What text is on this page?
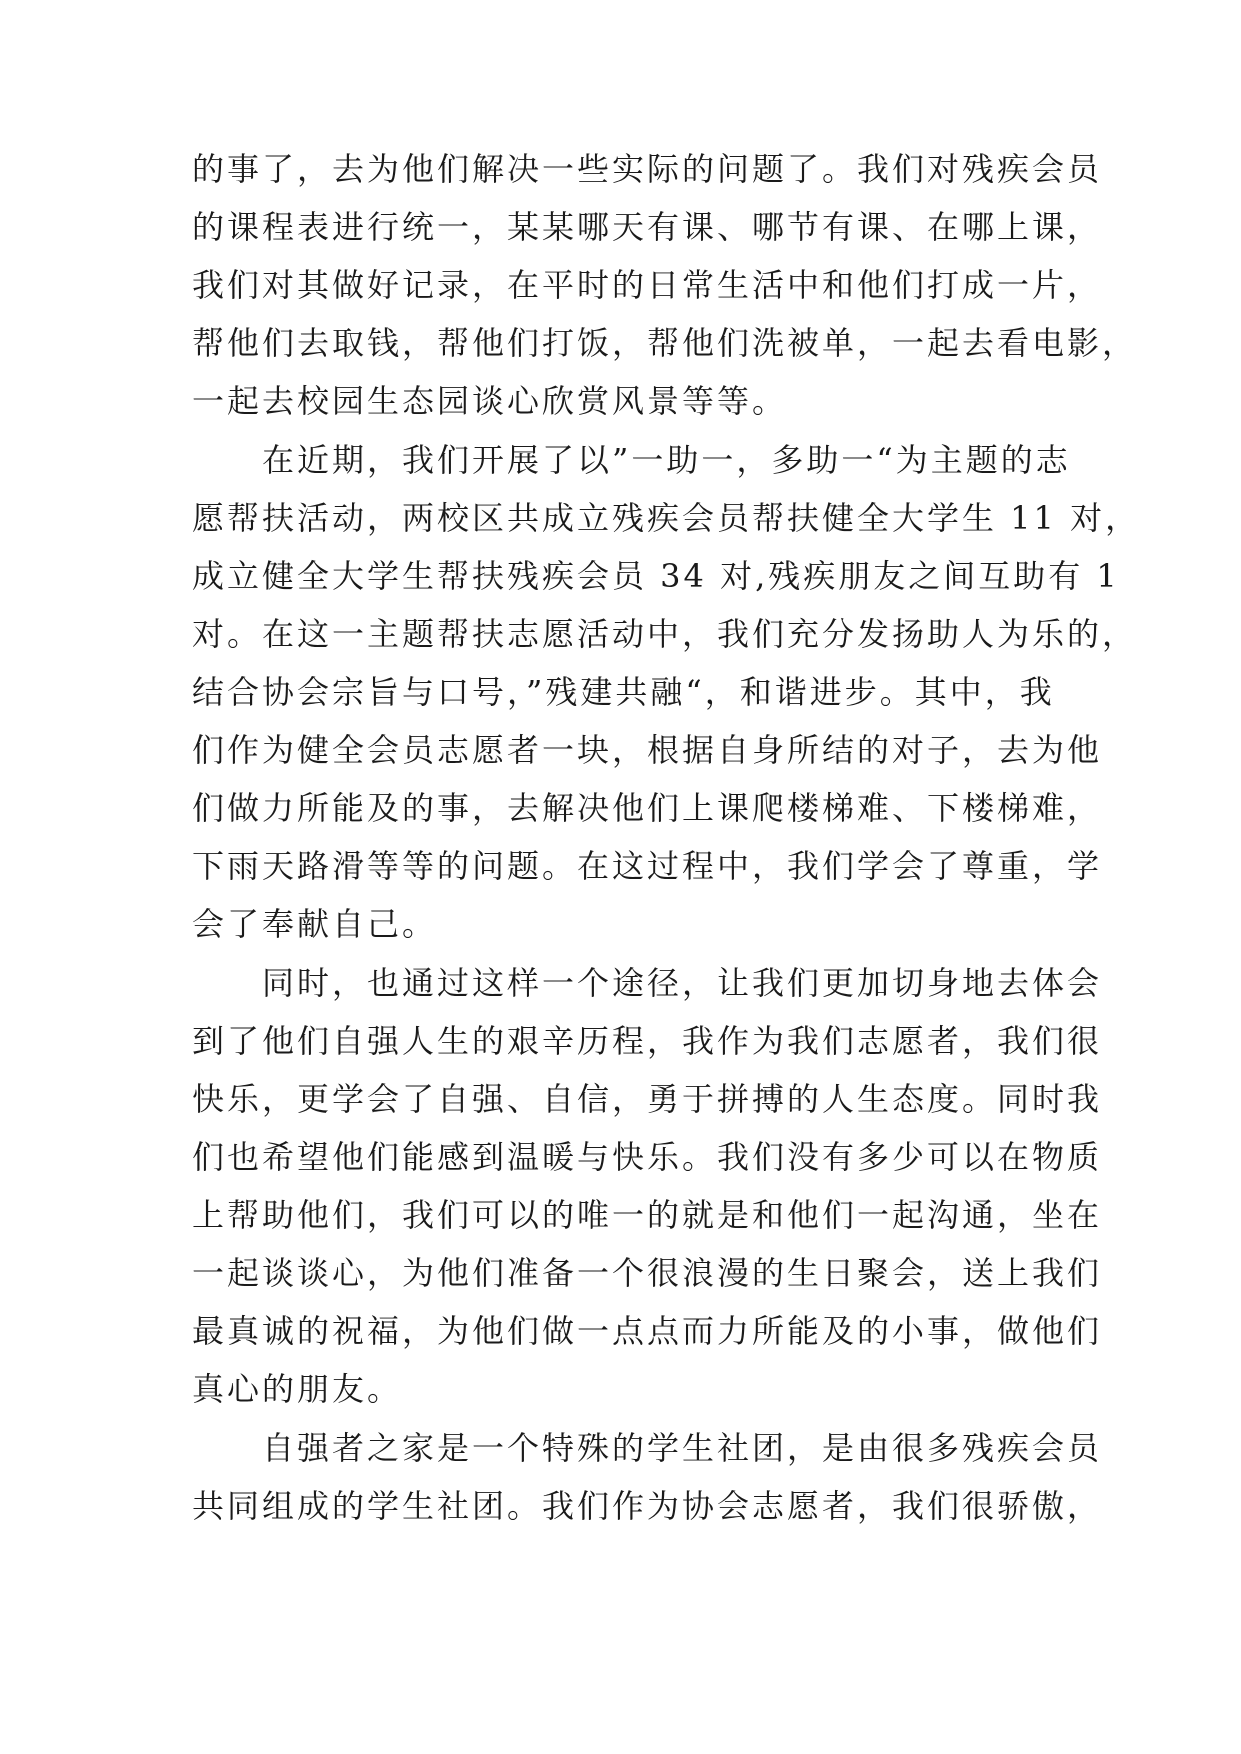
的事了，去为他们解决一些实际的问题了。我们对残疾会员
的课程表进行统一，某某哪天有课、哪节有课、在哪上课，
我们对其做好记录，在平时的日常生活中和他们打成一片，
帮他们去取钱，帮他们打饭，帮他们洗被单，一起去看电影，
一起去校园生态园谈心欣赏风景等等。
　　在近期，我们开展了以”一助一，多助一“为主题的志
愿帮扶活动，两校区共成立残疾会员帮扶健全大学生 11 对，
成立健全大学生帮扶残疾会员 34 对,残疾朋友之间互助有 1
对。在这一主题帮扶志愿活动中，我们充分发扬助人为乐的，
结合协会宗旨与口号，”残建共融“，和谐进步。其中，我
们作为健全会员志愿者一块，根据自身所结的对子，去为他
们做力所能及的事，去解决他们上课爬楼梯难、下楼梯难，
下雨天路滑等等的问题。在这过程中，我们学会了尊重，学
会了奉献自己。
　　同时，也通过这样一个途径，让我们更加切身地去体会
到了他们自强人生的艰辛历程，我作为我们志愿者，我们很
快乐，更学会了自强、自信，勇于拼搏的人生态度。同时我
们也希望他们能感到温暖与快乐。我们没有多少可以在物质
上帮助他们，我们可以的唯一的就是和他们一起沟通，坐在
一起谈谈心，为他们准备一个很浪漫的生日聚会，送上我们
最真诚的祝福，为他们做一点点而力所能及的小事，做他们
真心的朋友。
　　自强者之家是一个特殊的学生社团，是由很多残疾会员
共同组成的学生社团。我们作为协会志愿者，我们很骄傲，
